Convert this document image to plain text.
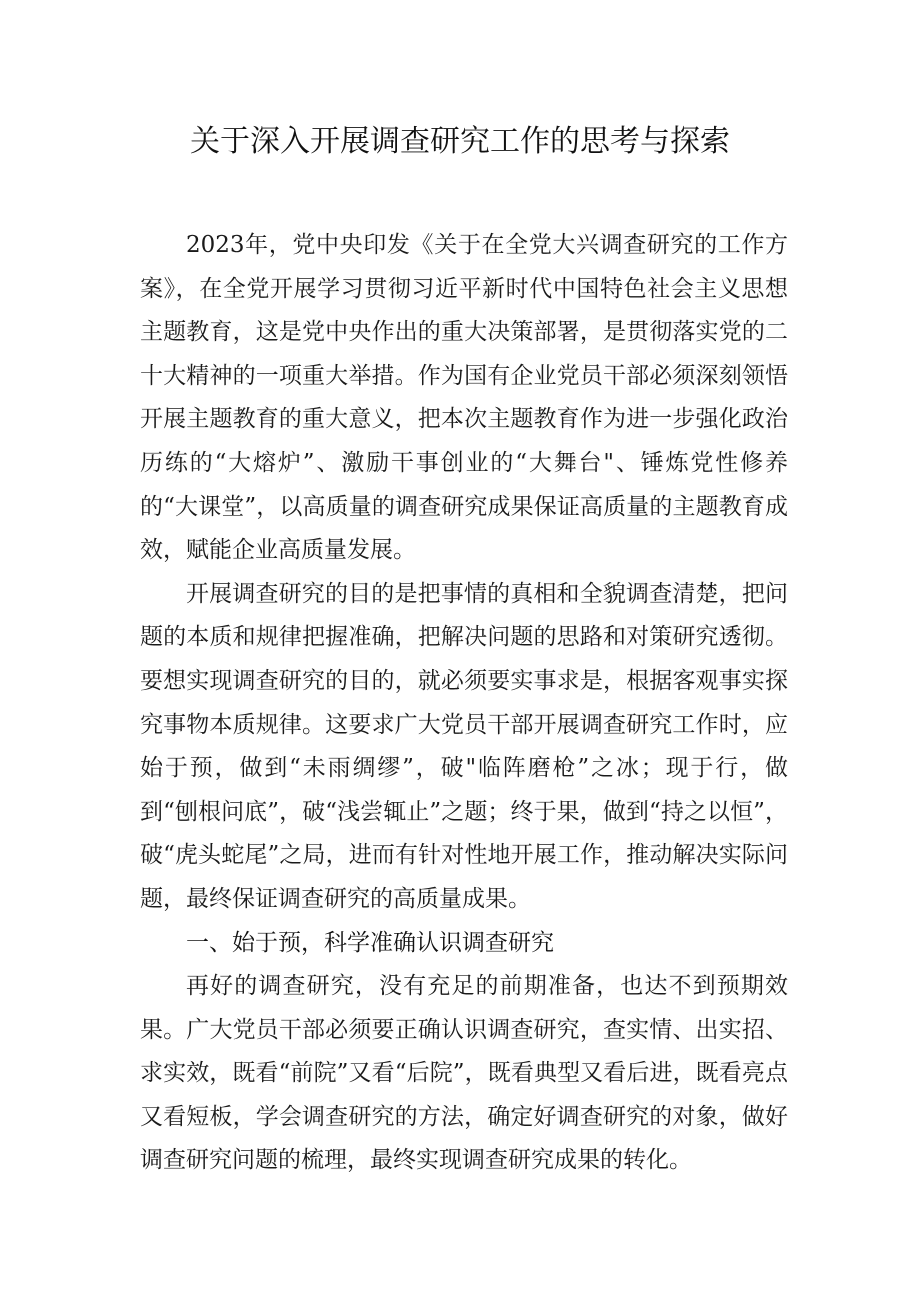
关于深入开展调查研究工作的思考与探索

2023年，党中央印发《关于在全党大兴调查研究的工作方案》，在全党开展学习贯彻习近平新时代中国特色社会主义思想主题教育，这是党中央作出的重大决策部署，是贯彻落实党的二十大精神的一项重大举措。作为国有企业党员干部必须深刻领悟开展主题教育的重大意义，把本次主题教育作为进一步强化政治历练的“大熔炉”、激励干事创业的“大舞台"、锤炼党性修养的“大课堂”，以高质量的调查研究成果保证高质量的主题教育成效，赋能企业高质量发展。

开展调查研究的目的是把事情的真相和全貌调查清楚，把问题的本质和规律把握准确，把解决问题的思路和对策研究透彻。要想实现调查研究的目的，就必须要实事求是，根据客观事实探究事物本质规律。这要求广大党员干部开展调查研究工作时，应始于预，做到“未雨绸缪”，破"临阵磨枪”之冰；现于行，做到“刨根问底”，破“浅尝辄止”之题；终于果，做到“持之以恒”，破“虎头蛇尾”之局，进而有针对性地开展工作，推动解决实际问题，最终保证调查研究的高质量成果。

一、始于预，科学准确认识调查研究

再好的调查研究，没有充足的前期准备，也达不到预期效果。广大党员干部必须要正确认识调查研究，查实情、出实招、求实效，既看“前院”又看“后院”，既看典型又看后进，既看亮点又看短板，学会调查研究的方法，确定好调查研究的对象，做好调查研究问题的梳理，最终实现调查研究成果的转化。
